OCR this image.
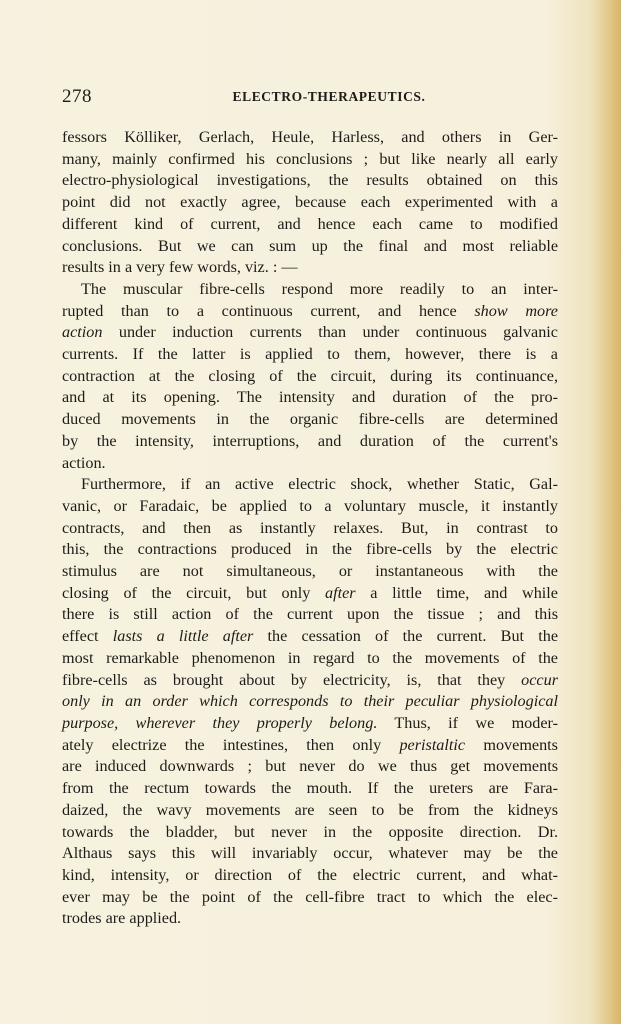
278	ELECTRO-THERAPEUTICS.

fessors Kölliker, Gerlach, Heule, Harless, and others in Ger-

many, mainly confirmed his conclusions ; but like nearly all early

electro-physiological investigations, the results obtained on this

point did not exactly agree, because each experimented with a

different kind of current, and hence each came to modified

conclusions. But we can sum up the final and most reliable

results in a very few words, viz. : —

The muscular fibre-cells respond more readily to an inter-

rupted than to a continuous current, and hence show more

action under induction currents than under continuous galvanic

currents. If the latter is applied to them, however, there is a

contraction at the closing of the circuit, during its continuance,

and at its opening. The intensity and duration of the pro-

duced movements in the organic fibre-cells are determined

by the intensity, interruptions, and duration of the current's

action.

Furthermore, if an active electric shock, whether Static, Gal-

vanic, or Faradaic, be applied to a voluntary muscle, it instantly

contracts, and then as instantly relaxes. But, in contrast to

this, the contractions produced in the fibre-cells by the electric

stimulus are not simultaneous, or instantaneous with the

closing of the circuit, but only after a little time, and while

there is still action of the current upon the tissue ; and this

effect lasts a little after the cessation of the current. But the

most remarkable phenomenon in regard to the movements of the

fibre-cells as brought about by electricity, is, that they occur

only in an order which corresponds to their peculiar physiological

purpose, wherever they properly belong. Thus, if we moder-

ately electrize the intestines, then only peristaltic movements

are induced downwards ; but never do we thus get movements

from the rectum towards the mouth. If the ureters are Fara-

daized, the wavy movements are seen to be from the kidneys

towards the bladder, but never in the opposite direction. Dr.

Althaus says this will invariably occur, whatever may be the

kind, intensity, or direction of the electric current, and what-

ever may be the point of the cell-fibre tract to which the elec-

trodes are applied.
